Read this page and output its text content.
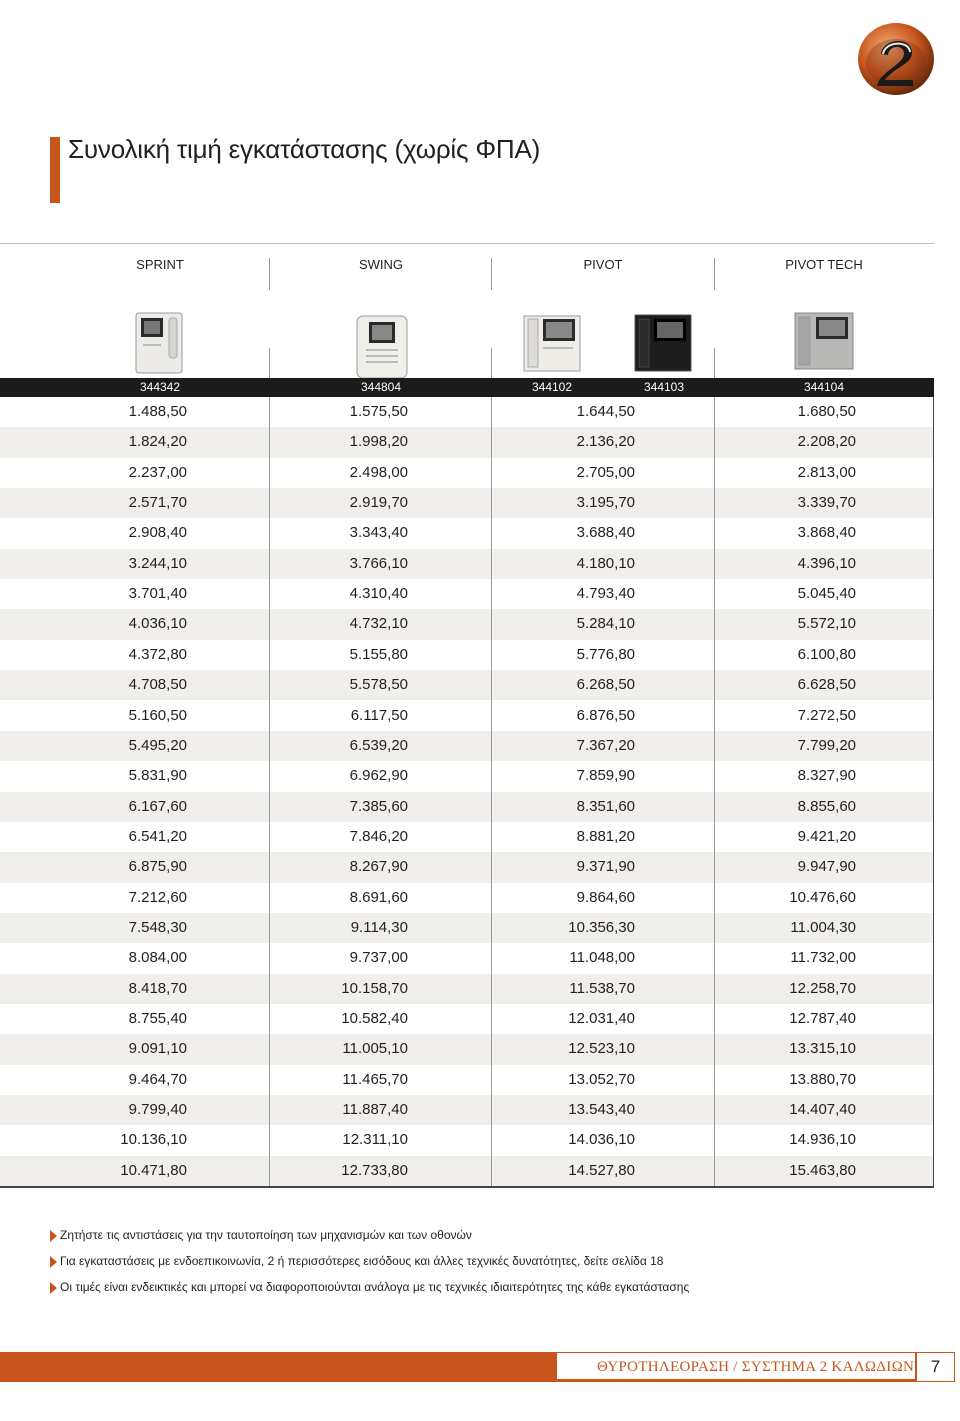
Συνολική τιμή εγκατάστασης (χωρίς ΦΠΑ)
SPRINT	SWING	PIVOT	PIVOT TECH
344342	344804	344102	344103	344104
1.488,50	1.575,50	1.644,50	1.680,50
1.824,20	1.998,20	2.136,20	2.208,20
2.237,00	2.498,00	2.705,00	2.813,00
2.571,70	2.919,70	3.195,70	3.339,70
2.908,40	3.343,40	3.688,40	3.868,40
3.244,10	3.766,10	4.180,10	4.396,10
3.701,40	4.310,40	4.793,40	5.045,40
4.036,10	4.732,10	5.284,10	5.572,10
4.372,80	5.155,80	5.776,80	6.100,80
4.708,50	5.578,50	6.268,50	6.628,50
5.160,50	6.117,50	6.876,50	7.272,50
5.495,20	6.539,20	7.367,20	7.799,20
5.831,90	6.962,90	7.859,90	8.327,90
6.167,60	7.385,60	8.351,60	8.855,60
6.541,20	7.846,20	8.881,20	9.421,20
6.875,90	8.267,90	9.371,90	9.947,90
7.212,60	8.691,60	9.864,60	10.476,60
7.548,30	9.114,30	10.356,30	11.004,30
8.084,00	9.737,00	11.048,00	11.732,00
8.418,70	10.158,70	11.538,70	12.258,70
8.755,40	10.582,40	12.031,40	12.787,40
9.091,10	11.005,10	12.523,10	13.315,10
9.464,70	11.465,70	13.052,70	13.880,70
9.799,40	11.887,40	13.543,40	14.407,40
10.136,10	12.311,10	14.036,10	14.936,10
10.471,80	12.733,80	14.527,80	15.463,80
Ζητήστε τις αντιστάσεις για την ταυτοποίηση των μηχανισμών και των οθονών
Για εγκαταστάσεις με ενδοεπικοινωνία, 2 ή περισσότερες εισόδους και άλλες τεχνικές δυνατότητες, δείτε σελίδα 18
Οι τιμές είναι ενδεικτικές και μπορεί να διαφοροποιούνται ανάλογα με τις τεχνικές ιδιαιτερότητες της κάθε εγκατάστασης
ΘΥΡΟΤΗΛΕΟΡΑΣΗ / ΣΥΣΤΗΜΑ 2 ΚΑΛΩΔΙΩΝ 7
